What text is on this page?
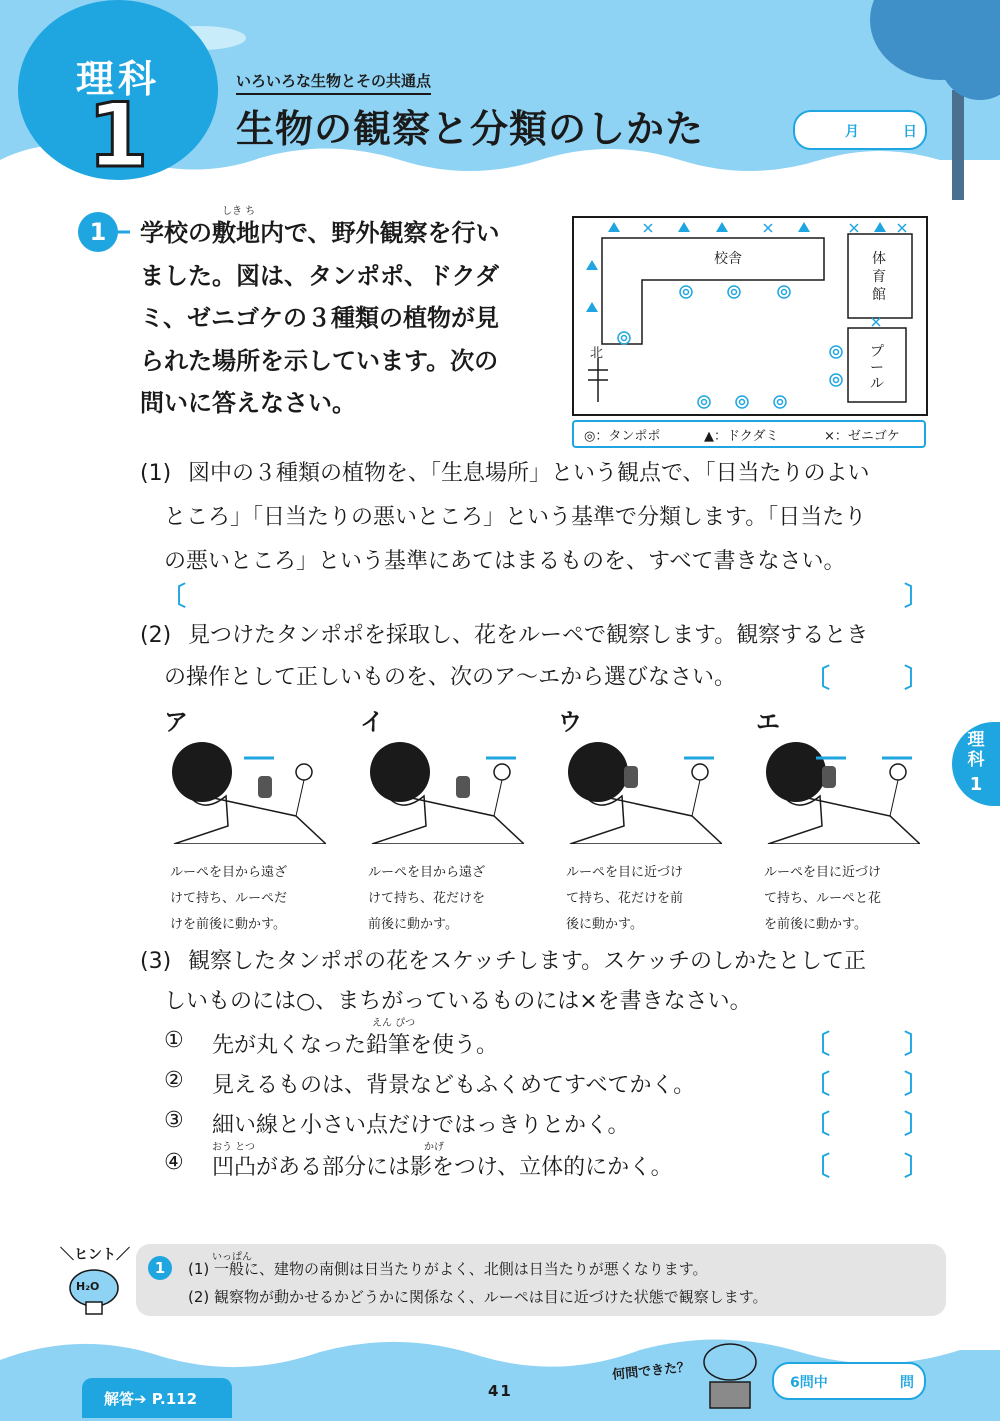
理科
1
いろいろな生物とその共通点
生物の観察と分類のしかた	月	日
1
しき ち
学校の敷地内で、野外観察を行い
ました。図は、タンポポ、ドクダ
ミ、ゼニゴケの３種類の植物が見
られた場所を示しています。次の
問いに答えなさい。
校舎	体育館
プール
北
◎：タンポポ	▲：ドクダミ	×：ゼニゴケ
(1) 図中の３種類の植物を、「生息場所」という観点で、「日当たりのよい
ところ」「日当たりの悪いところ」という基準で分類します。「日当たり
の悪いところ」という基準にあてはまるものを、すべて書きなさい。
〔	〕
(2) 見つけたタンポポを採取し、花をルーペで観察します。観察するとき
の操作として正しいものを、次のア〜エから選びなさい。	〔	〕
ア	イ	ウ	エ
ルーペを目から遠ざ
けて持ち、ルーペだ
けを前後に動かす。
ルーペを目から遠ざ
けて持ち、花だけを
前後に動かす。
ルーペを目に近づけ
て持ち、花だけを前
後に動かす。
ルーペを目に近づけ
て持ち、ルーペと花
を前後に動かす。
理科
1
(3) 観察したタンポポの花をスケッチします。スケッチのしかたとして正
しいものには○、まちがっているものには×を書きなさい。
えん ぴつ
① 先が丸くなった鉛筆を使う。
② 見えるものは、背景などもふくめてすべてかく。
③ 細い線と小さい点だけではっきりとかく。
おう とつ	かげ
④ 凹凸がある部分には影をつけ、立体的にかく。
〔	〕
〔	〕
〔	〕
〔	〕
＼ヒント／
H₂O
1
いっぱん
(1) 一般に、建物の南側は日当たりがよく、北側は日当たりが悪くなります。
(2) 観察物が動かせるかどうかに関係なく、ルーペは目に近づけた状態で観察します。
解答➔ P.112	41
何問できた？	6問中	問
